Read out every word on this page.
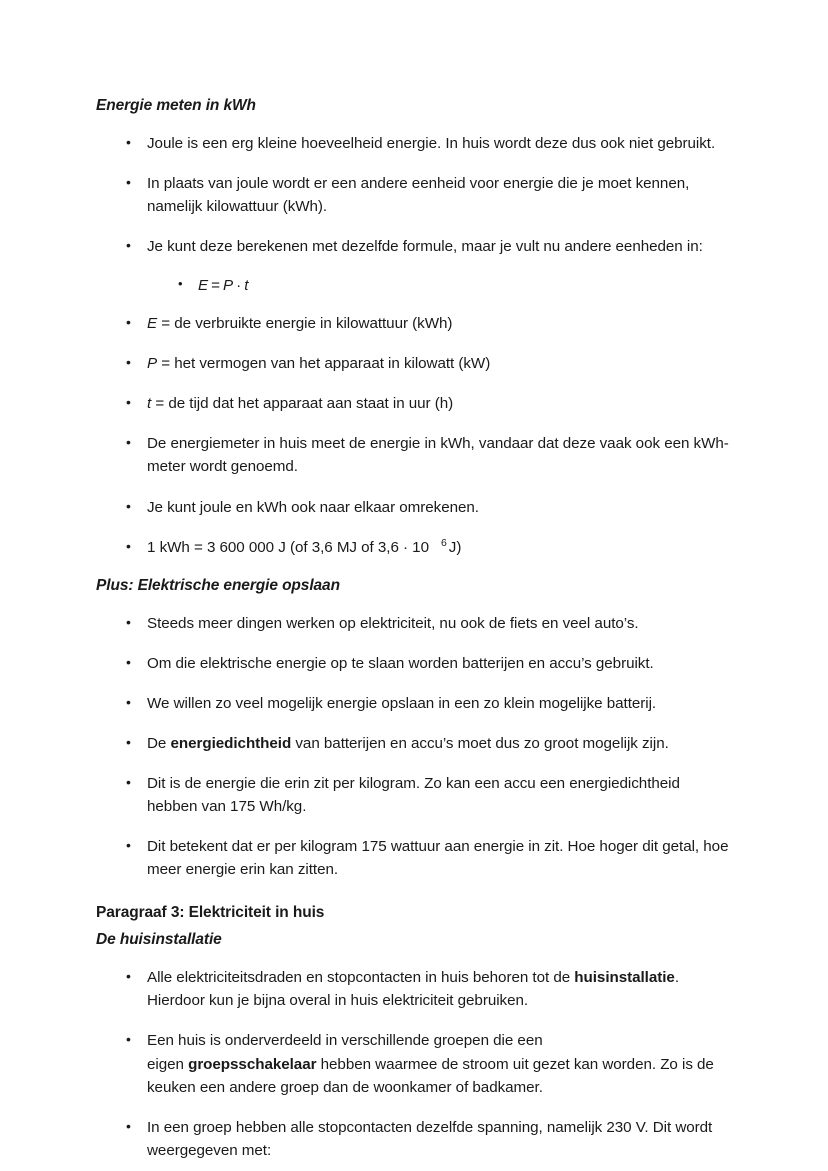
Energie meten in kWh
• Joule is een erg kleine hoeveelheid energie. In huis wordt deze dus ook niet gebruikt.
• In plaats van joule wordt er een andere eenheid voor energie die je moet kennen, namelijk kilowattuur (kWh).
• Je kunt deze berekenen met dezelfde formule, maar je vult nu andere eenheden in:
• E = P · t
• E = de verbruikte energie in kilowattuur (kWh)
• P = het vermogen van het apparaat in kilowatt (kW)
• t = de tijd dat het apparaat aan staat in uur (h)
• De energiemeter in huis meet de energie in kWh, vandaar dat deze vaak ook een kWh-meter wordt genoemd.
• Je kunt joule en kWh ook naar elkaar omrekenen.
• 1 kWh = 3 600 000 J (of 3,6 MJ of 3,6 · 10 $^6$ J)
Plus: Elektrische energie opslaan
• Steeds meer dingen werken op elektriciteit, nu ook de fiets en veel auto’s.
• Om die elektrische energie op te slaan worden batterijen en accu’s gebruikt.
• We willen zo veel mogelijk energie opslaan in een zo klein mogelijke batterij.
• De energiedichtheid van batterijen en accu’s moet dus zo groot mogelijk zijn.
• Dit is de energie die erin zit per kilogram. Zo kan een accu een energiedichtheid hebben van 175 Wh/kg.
• Dit betekent dat er per kilogram 175 wattuur aan energie in zit. Hoe hoger dit getal, hoe meer energie erin kan zitten.
Paragraaf 3: Elektriciteit in huis
De huisinstallatie
• Alle elektriciteitsdraden en stopcontacten in huis behoren tot de huisinstallatie. Hierdoor kun je bijna overal in huis elektriciteit gebruiken.
• Een huis is onderverdeeld in verschillende groepen die een
eigen groepsschakelaar hebben waarmee de stroom uit gezet kan worden. Zo is de keuken een andere groep dan de woonkamer of badkamer.
• In een groep hebben alle stopcontacten dezelfde spanning, namelijk 230 V. Dit wordt weergegeven met:
